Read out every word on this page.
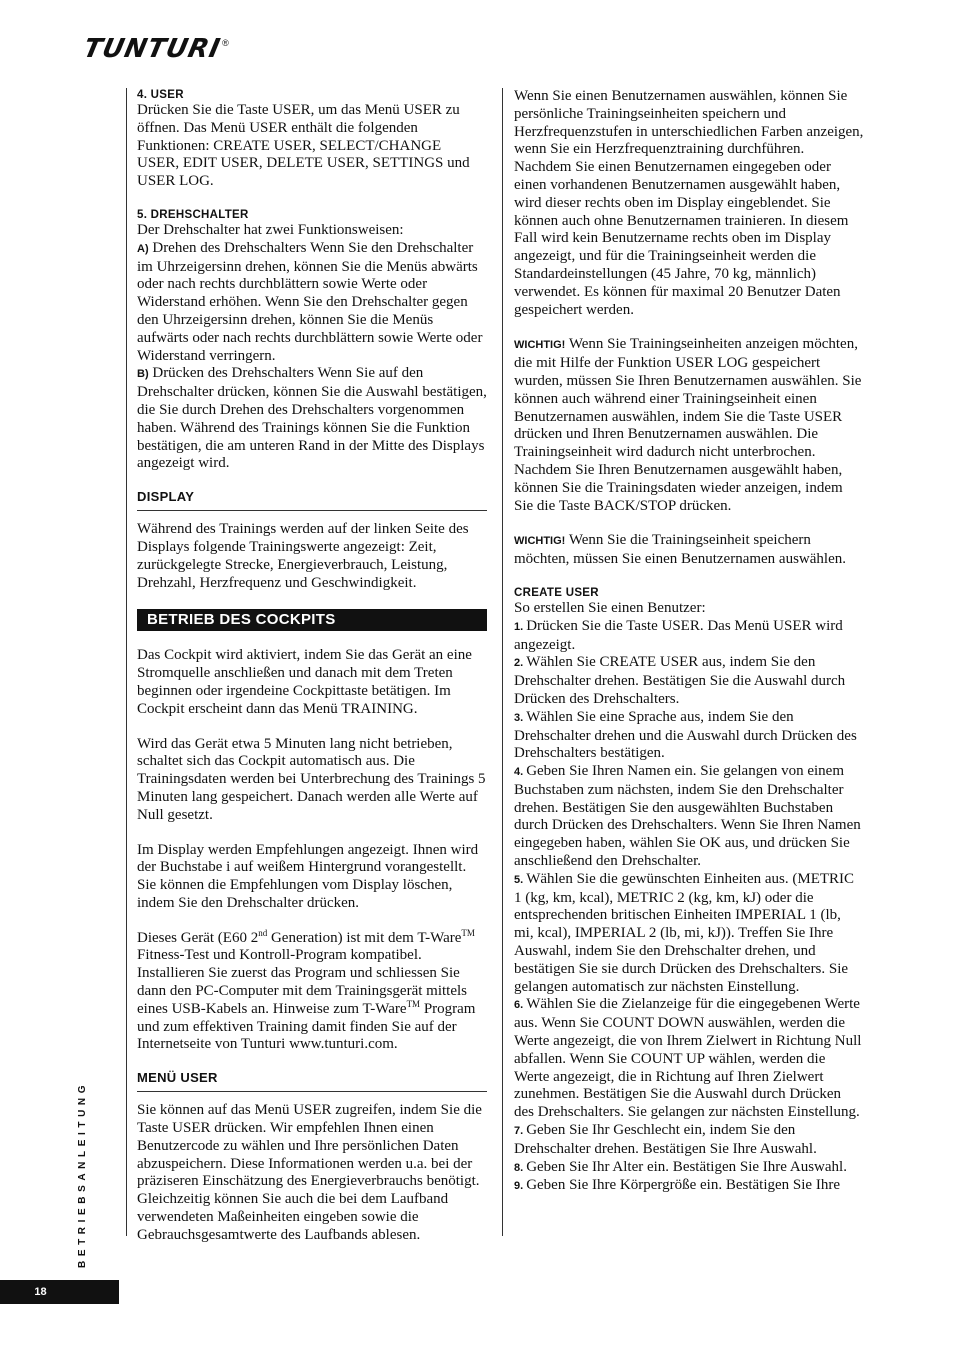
TUNTURI®

4. USER

Drücken Sie die Taste USER, um das Menü USER zu öffnen. Das Menü USER enthält die folgenden Funktionen: CREATE USER, SELECT/CHANGE USER, EDIT USER, DELETE USER, SETTINGS und USER LOG.

5. DREHSCHALTER

Der Drehschalter hat zwei Funktionsweisen:

A) Drehen des Drehschalters Wenn Sie den Drehschalter im Uhrzeigersinn drehen, können Sie die Menüs abwärts oder nach rechts durchblättern sowie Werte oder Widerstand erhöhen. Wenn Sie den Drehschalter gegen den Uhrzeigersinn drehen, können Sie die Menüs aufwärts oder nach rechts durchblättern sowie Werte oder Widerstand verringern.

B) Drücken des Drehschalters Wenn Sie auf den Drehschalter drücken, können Sie die Auswahl bestätigen, die Sie durch Drehen des Drehschalters vorgenommen haben. Während des Trainings können Sie die Funktion bestätigen, die am unteren Rand in der Mitte des Displays angezeigt wird.

DISPLAY

Während des Trainings werden auf der linken Seite des Displays folgende Trainingswerte angezeigt: Zeit, zurückgelegte Strecke, Energieverbrauch, Leistung, Drehzahl, Herzfrequenz und Geschwindigkeit.

BETRIEB DES COCKPITS

Das Cockpit wird aktiviert, indem Sie das Gerät an eine Stromquelle anschließen und danach mit dem Treten beginnen oder irgendeine Cockpittaste betätigen. Im Cockpit erscheint dann das Menü TRAINING.

Wird das Gerät etwa 5 Minuten lang nicht betrieben, schaltet sich das Cockpit automatisch aus. Die Trainingsdaten werden bei Unterbrechung des Trainings 5 Minuten lang gespeichert. Danach werden alle Werte auf Null gesetzt.

Im Display werden Empfehlungen angezeigt. Ihnen wird der Buchstabe i auf weißem Hintergrund vorangestellt. Sie können die Empfehlungen vom Display löschen, indem Sie den Drehschalter drücken.

Dieses Gerät (E60 2nd Generation) ist mit dem T-Ware™ Fitness-Test und Kontroll-Program kompatibel. Installieren Sie zuerst das Program und schliessen Sie dann den PC-Computer mit dem Trainingsgerät mittels eines USB-Kabels an. Hinweise zum T-Ware™ Program und zum effektiven Training damit finden Sie auf der Internetseite von Tunturi www.tunturi.com.

MENÜ USER

Sie können auf das Menü USER zugreifen, indem Sie die Taste USER drücken. Wir empfehlen Ihnen einen Benutzercode zu wählen und Ihre persönlichen Daten abzuspeichern. Diese Informationen werden u.a. bei der präziseren Einschätzung des Energieverbrauchs benötigt. Gleichzeitig können Sie auch die bei dem Laufband verwendeten Maßeinheiten eingeben sowie die Gebrauchsgesamtwerte des Laufbands ablesen.

Wenn Sie einen Benutzernamen auswählen, können Sie persönliche Trainingseinheiten speichern und Herzfrequenzstufen in unterschiedlichen Farben anzeigen, wenn Sie ein Herzfrequenztraining durchführen. Nachdem Sie einen Benutzernamen eingegeben oder einen vorhandenen Benutzernamen ausgewählt haben, wird dieser rechts oben im Display eingeblendet. Sie können auch ohne Benutzernamen trainieren. In diesem Fall wird kein Benutzername rechts oben im Display angezeigt, und für die Trainingseinheit werden die Standardeinstellungen (45 Jahre, 70 kg, männlich) verwendet. Es können für maximal 20 Benutzer Daten gespeichert werden.

WICHTIG! Wenn Sie Trainingseinheiten anzeigen möchten, die mit Hilfe der Funktion USER LOG gespeichert wurden, müssen Sie Ihren Benutzernamen auswählen. Sie können auch während einer Trainingseinheit einen Benutzernamen auswählen, indem Sie die Taste USER drücken und Ihren Benutzernamen auswählen. Die Trainingseinheit wird dadurch nicht unterbrochen. Nachdem Sie Ihren Benutzernamen ausgewählt haben, können Sie die Trainingsdaten wieder anzeigen, indem Sie die Taste BACK/STOP drücken.

WICHTIG! Wenn Sie die Trainingseinheit speichern möchten, müssen Sie einen Benutzernamen auswählen.

CREATE USER

So erstellen Sie einen Benutzer:

1. Drücken Sie die Taste USER. Das Menü USER wird angezeigt.

2. Wählen Sie CREATE USER aus, indem Sie den Drehschalter drehen. Bestätigen Sie die Auswahl durch Drücken des Drehschalters.

3. Wählen Sie eine Sprache aus, indem Sie den Drehschalter drehen und die Auswahl durch Drücken des Drehschalters bestätigen.

4. Geben Sie Ihren Namen ein. Sie gelangen von einem Buchstaben zum nächsten, indem Sie den Drehschalter drehen. Bestätigen Sie den ausgewählten Buchstaben durch Drücken des Drehschalters. Wenn Sie Ihren Namen eingegeben haben, wählen Sie OK aus, und drücken Sie anschließend den Drehschalter.

5. Wählen Sie die gewünschten Einheiten aus. (METRIC 1 (kg, km, kcal), METRIC 2 (kg, km, kJ) oder die entsprechenden britischen Einheiten IMPERIAL 1 (lb, mi, kcal), IMPERIAL 2 (lb, mi, kJ)). Treffen Sie Ihre Auswahl, indem Sie den Drehschalter drehen, und bestätigen Sie sie durch Drücken des Drehschalters. Sie gelangen automatisch zur nächsten Einstellung.

6. Wählen Sie die Zielanzeige für die eingegebenen Werte aus. Wenn Sie COUNT DOWN auswählen, werden die Werte angezeigt, die von Ihrem Zielwert in Richtung Null abfallen. Wenn Sie COUNT UP wählen, werden die Werte angezeigt, die in Richtung auf Ihren Zielwert zunehmen. Bestätigen Sie die Auswahl durch Drücken des Drehschalters. Sie gelangen zur nächsten Einstellung.

7. Geben Sie Ihr Geschlecht ein, indem Sie den Drehschalter drehen. Bestätigen Sie Ihre Auswahl.

8. Geben Sie Ihr Alter ein. Bestätigen Sie Ihre Auswahl.

9. Geben Sie Ihre Körpergröße ein. Bestätigen Sie Ihre

BETRIEBSANLEITUNG
18
